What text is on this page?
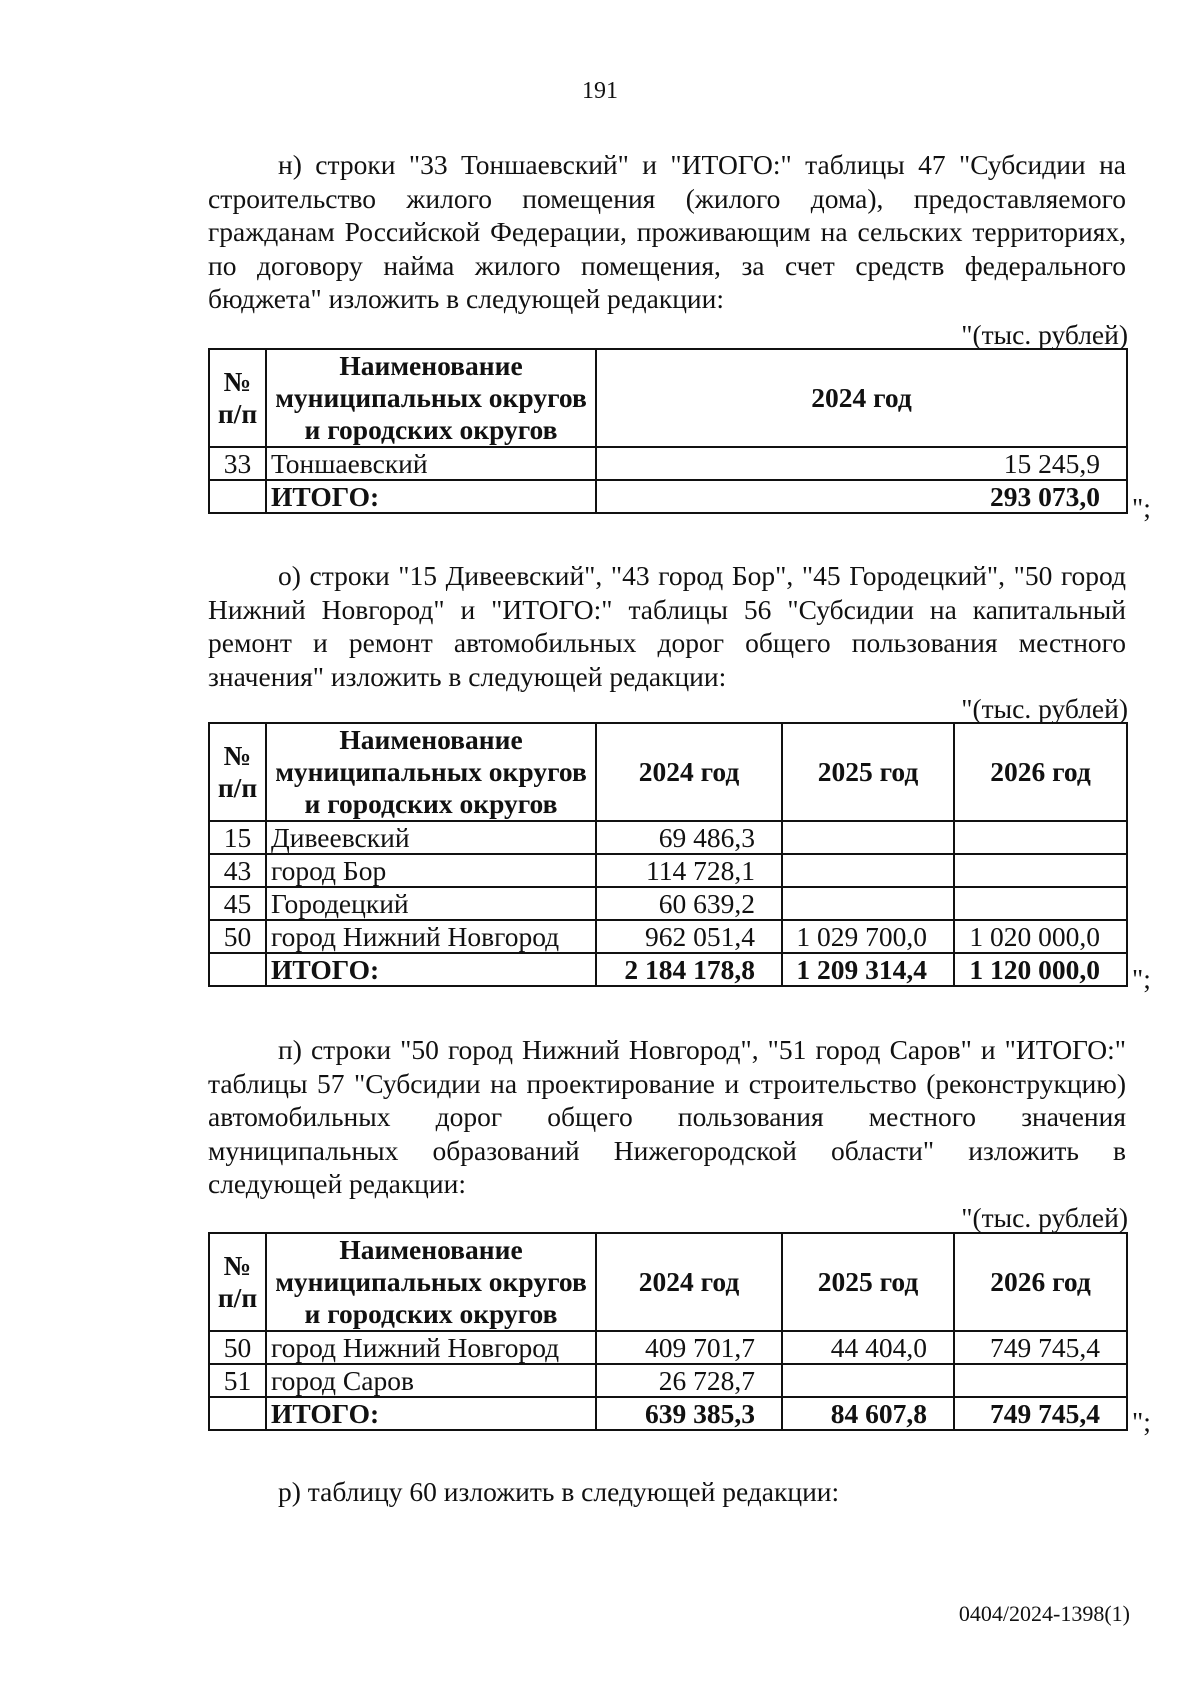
191

н) строки "33 Тоншаевский" и "ИТОГО:" таблицы 47 "Субсидии на строительство жилого помещения (жилого дома), предоставляемого гражданам Российской Федерации, проживающим на сельских территориях, по договору найма жилого помещения, за счет средств федерального бюджета" изложить в следующей редакции:

"(тыс. рублей)
№ п/п	Наименование муниципальных округов и городских округов	2024 год
33	Тоншаевский	15 245,9
	ИТОГО:	293 073,0 ";

о) строки "15 Дивеевский", "43 город Бор", "45 Городецкий", "50 город Нижний Новгород" и "ИТОГО:" таблицы 56 "Субсидии на капитальный ремонт и ремонт автомобильных дорог общего пользования местного значения" изложить в следующей редакции:

"(тыс. рублей)
№ п/п	Наименование муниципальных округов и городских округов	2024 год	2025 год	2026 год
15	Дивеевский	69 486,3		
43	город Бор	114 728,1		
45	Городецкий	60 639,2		
50	город Нижний Новгород	962 051,4	1 029 700,0	1 020 000,0
	ИТОГО:	2 184 178,8	1 209 314,4	1 120 000,0 ";

п) строки "50 город Нижний Новгород", "51 город Саров" и "ИТОГО:" таблицы 57 "Субсидии на проектирование и строительство (реконструкцию) автомобильных дорог общего пользования местного значения муниципальных образований Нижегородской области" изложить в следующей редакции:

"(тыс. рублей)
№ п/п	Наименование муниципальных округов и городских округов	2024 год	2025 год	2026 год
50	город Нижний Новгород	409 701,7	44 404,0	749 745,4
51	город Саров	26 728,7		
	ИТОГО:	639 385,3	84 607,8	749 745,4 ";

р) таблицу 60 изложить в следующей редакции:

0404/2024-1398(1)
